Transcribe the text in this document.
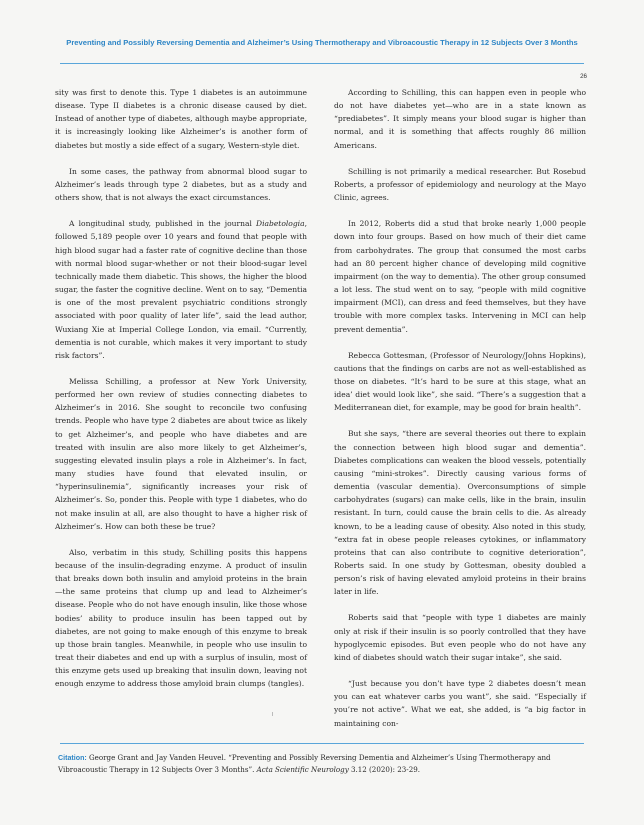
Preventing and Possibly Reversing Dementia and Alzheimer’s Using Thermotherapy and Vibroacoustic Therapy in 12 Subjects Over 3 Months
26

sity was first to denote this. Type 1 diabetes is an autoimmune disease. Type II diabetes is a chronic disease caused by diet. Instead of another type of diabetes, although maybe appropriate, it is increasingly looking like Alzheimer’s is another form of diabetes but mostly a side effect of a sugary, Western-style diet.

In some cases, the pathway from abnormal blood sugar to Alzheimer’s leads through type 2 diabetes, but as a study and others show, that is not always the exact circumstances.

A longitudinal study, published in the journal Diabetologia, followed 5,189 people over 10 years and found that people with high blood sugar had a faster rate of cognitive decline than those with normal blood sugar-whether or not their blood-sugar level technically made them diabetic. This shows, the higher the blood sugar, the faster the cognitive decline. Went on to say, “Dementia is one of the most prevalent psychiatric conditions strongly associated with poor quality of later life”, said the lead author, Wuxiang Xie at Imperial College London, via email. “Currently, dementia is not curable, which makes it very important to study risk factors”.

Melissa Schilling, a professor at New York University, performed her own review of studies connecting diabetes to Alzheimer’s in 2016. She sought to reconcile two confusing trends. People who have type 2 diabetes are about twice as likely to get Alzheimer’s, and people who have diabetes and are treated with insulin are also more likely to get Alzheimer’s, suggesting elevated insulin plays a role in Alzheimer’s. In fact, many studies have found that elevated insulin, or “hyperinsulinemia”, significantly increases your risk of Alzheimer’s. So, ponder this. People with type 1 diabetes, who do not make insulin at all, are also thought to have a higher risk of Alzheimer’s. How can both these be true?

Also, verbatim in this study, Schilling posits this happens because of the insulin-degrading enzyme. A product of insulin that breaks down both insulin and amyloid proteins in the brain—the same proteins that clump up and lead to Alzheimer’s disease. People who do not have enough insulin, like those whose bodies’ ability to produce insulin has been tapped out by diabetes, are not going to make enough of this enzyme to break up those brain tangles. Meanwhile, in people who use insulin to treat their diabetes and end up with a surplus of insulin, most of this enzyme gets used up breaking that insulin down, leaving not enough enzyme to address those amyloid brain clumps (tangles).

According to Schilling, this can happen even in people who do not have diabetes yet—who are in a state known as “prediabetes”. It simply means your blood sugar is higher than normal, and it is something that affects roughly 86 million Americans.

Schilling is not primarily a medical researcher. But Rosebud Roberts, a professor of epidemiology and neurology at the Mayo Clinic, agrees.

In 2012, Roberts did a stud that broke nearly 1,000 people down into four groups. Based on how much of their diet came from carbohydrates. The group that consumed the most carbs had an 80 percent higher chance of developing mild cognitive impairment (on the way to dementia). The other group consumed a lot less. The stud went on to say, “people with mild cognitive impairment (MCI), can dress and feed themselves, but they have trouble with more complex tasks. Intervening in MCI can help prevent dementia”.

Rebecca Gottesman, (Professor of Neurology/Johns Hopkins), cautions that the findings on carbs are not as well-established as those on diabetes. “It’s hard to be sure at this stage, what an idea’ diet would look like”, she said. “There’s a suggestion that a Mediterranean diet, for example, may be good for brain health”.

But she says, “there are several theories out there to explain the connection between high blood sugar and dementia”. Diabetes complications can weaken the blood vessels, potentially causing “mini-strokes”. Directly causing various forms of dementia (vascular dementia). Overconsumptions of simple carbohydrates (sugars) can make cells, like in the brain, insulin resistant. In turn, could cause the brain cells to die. As already known, to be a leading cause of obesity. Also noted in this study, “extra fat in obese people releases cytokines, or inflammatory proteins that can also contribute to cognitive deterioration”, Roberts said. In one study by Gottesman, obesity doubled a person’s risk of having elevated amyloid proteins in their brains later in life.

Roberts said that “people with type 1 diabetes are mainly only at risk if their insulin is so poorly controlled that they have hypoglycemic episodes. But even people who do not have any kind of diabetes should watch their sugar intake”, she said.

“Just because you don’t have type 2 diabetes doesn’t mean you can eat whatever carbs you want”, she said. “Especially if you’re not active”. What we eat, she added, is “a big factor in maintaining con-

Citation: George Grant and Jay Vanden Heuvel. “Preventing and Possibly Reversing Dementia and Alzheimer’s Using Thermotherapy and Vibroacoustic Therapy in 12 Subjects Over 3 Months”. Acta Scientific Neurology 3.12 (2020): 23-29.
